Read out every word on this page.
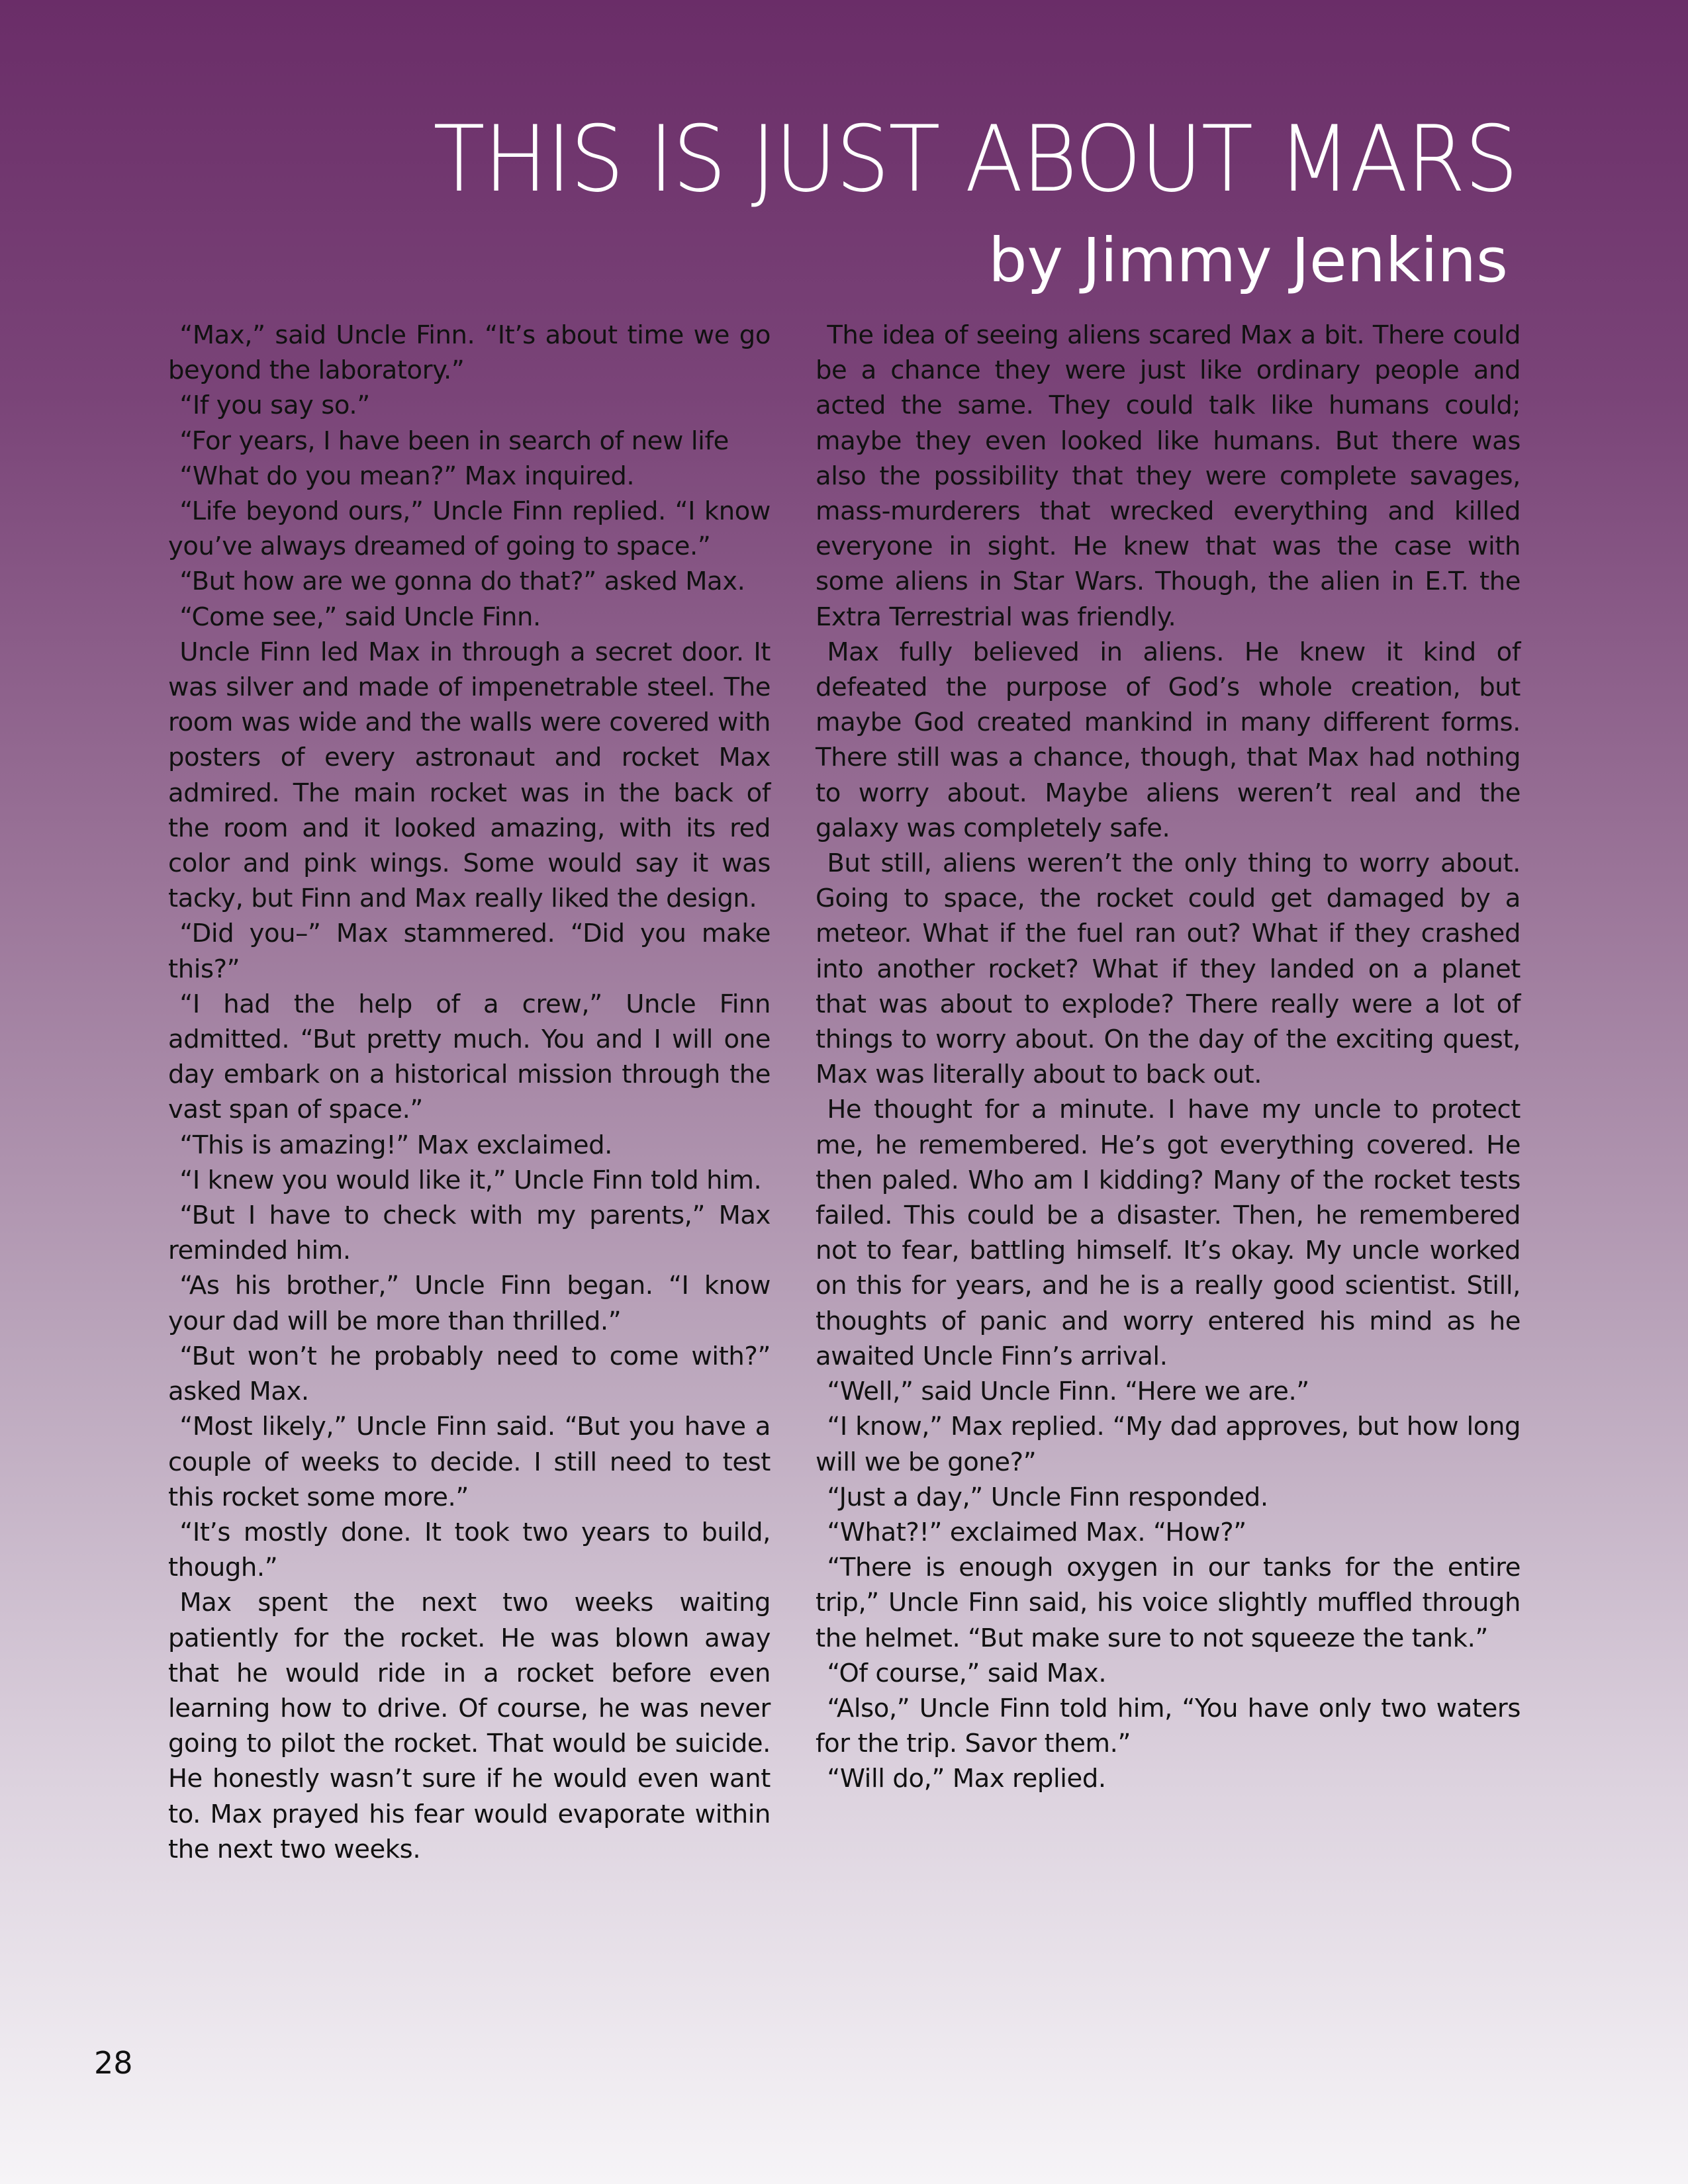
THIS IS JUST ABOUT MARS
by Jimmy Jenkins

“Max,” said Uncle Finn. “It’s about time we go beyond the laboratory.”

“If you say so.”

“For years, I have been in search of new life

“What do you mean?” Max inquired.

“Life beyond ours,” Uncle Finn replied. “I know you’ve always dreamed of going to space.”

“But how are we gonna do that?” asked Max.

“Come see,” said Uncle Finn.

Uncle Finn led Max in through a secret door. It was silver and made of impenetrable steel. The room was wide and the walls were covered with posters of every astronaut and rocket Max admired. The main rocket was in the back of the room and it looked amazing, with its red color and pink wings. Some would say it was tacky, but Finn and Max really liked the design.

“Did you–” Max stammered. “Did you make this?”

“I had the help of a crew,” Uncle Finn admitted. “But pretty much. You and I will one day embark on a historical mission through the vast span of space.”

“This is amazing!” Max exclaimed.

“I knew you would like it,” Uncle Finn told him.

“But I have to check with my parents,” Max reminded him.

“As his brother,” Uncle Finn began. “I know your dad will be more than thrilled.”

“But won’t he probably need to come with?” asked Max.

“Most likely,” Uncle Finn said. “But you have a couple of weeks to decide. I still need to test this rocket some more.”

“It’s mostly done. It took two years to build, though.”

Max spent the next two weeks waiting patiently for the rocket. He was blown away that he would ride in a rocket before even learning how to drive. Of course, he was never going to pilot the rocket. That would be suicide. He honestly wasn’t sure if he would even want to. Max prayed his fear would evaporate within the next two weeks.

The idea of seeing aliens scared Max a bit. There could be a chance they were just like ordinary people and acted the same. They could talk like humans could; maybe they even looked like humans. But there was also the possibility that they were complete savages, mass-murderers that wrecked everything and killed everyone in sight. He knew that was the case with some aliens in Star Wars. Though, the alien in E.T. the Extra Terrestrial was friendly.

Max fully believed in aliens. He knew it kind of defeated the purpose of God’s whole creation, but maybe God created mankind in many different forms. There still was a chance, though, that Max had nothing to worry about. Maybe aliens weren’t real and the galaxy was completely safe.

But still, aliens weren’t the only thing to worry about. Going to space, the rocket could get damaged by a meteor. What if the fuel ran out? What if they crashed into another rocket? What if they landed on a planet that was about to explode? There really were a lot of things to worry about. On the day of the exciting quest, Max was literally about to back out.

He thought for a minute. I have my uncle to protect me, he remembered. He’s got everything covered. He then paled. Who am I kidding? Many of the rocket tests failed. This could be a disaster. Then, he remembered not to fear, battling himself. It’s okay. My uncle worked on this for years, and he is a really good scientist. Still, thoughts of panic and worry entered his mind as he awaited Uncle Finn’s arrival.

“Well,” said Uncle Finn. “Here we are.”

“I know,” Max replied. “My dad approves, but how long will we be gone?”

“Just a day,” Uncle Finn responded.

“What?!” exclaimed Max. “How?”

“There is enough oxygen in our tanks for the entire trip,” Uncle Finn said, his voice slightly muffled through the helmet. “But make sure to not squeeze the tank.”

“Of course,” said Max.

“Also,” Uncle Finn told him, “You have only two waters for the trip. Savor them.”

“Will do,” Max replied.

28
